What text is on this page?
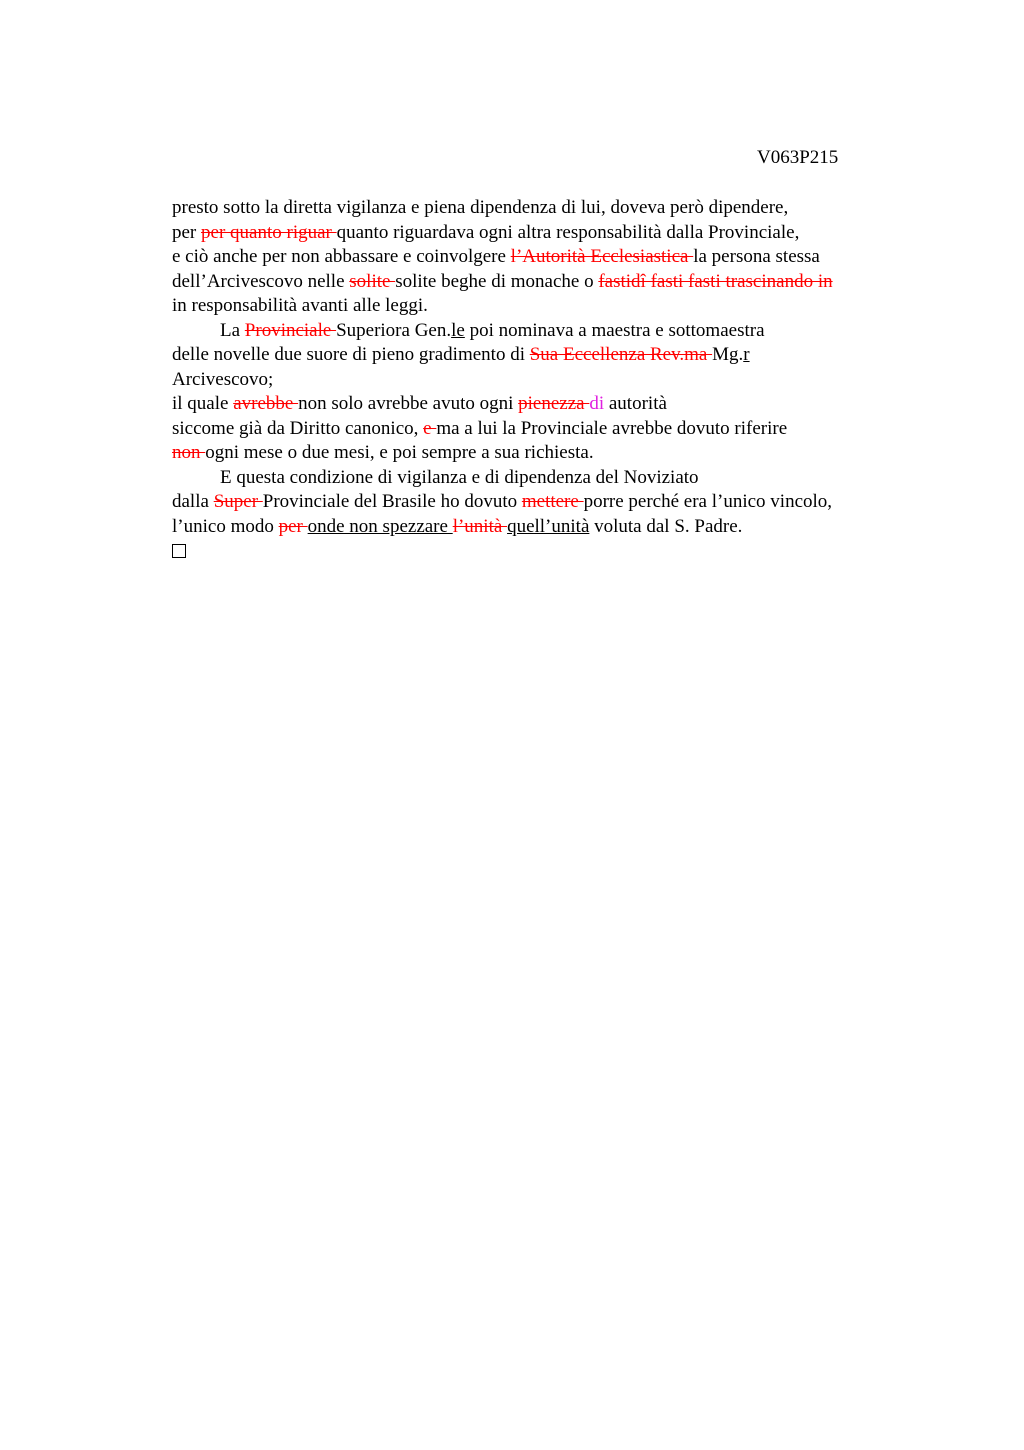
V063P215
presto sotto la diretta vigilanza e piena dipendenza di lui, doveva però dipendere,
per per quanto riguar quanto riguardava ogni altra responsabilità dalla Provinciale,
e ciò anche per non abbassare e coinvolgere l’Autorità Ecclesiastica la persona stessa
dell’Arcivescovo nelle solite solite beghe di monache o fastidî fasti fasti trascinando in
in responsabilità avanti alle leggi.
La Provinciale Superiora Gen.le poi nominava a maestra e sottomaestra
delle novelle due suore di pieno gradimento di Sua Eccellenza Rev.ma Mg.r
Arcivescovo;
il quale avrebbe non solo avrebbe avuto ogni pienezza di autorità
siccome già da Diritto canonico, e ma a lui la Provinciale avrebbe dovuto riferire
non ogni mese o due mesi, e poi sempre a sua richiesta.
E questa condizione di vigilanza e di dipendenza del Noviziato
dalla Super Provinciale del Brasile ho dovuto mettere porre perché era l’unico vincolo,
l’unico modo per onde non spezzare l’unità quell’unità voluta dal S. Padre.
